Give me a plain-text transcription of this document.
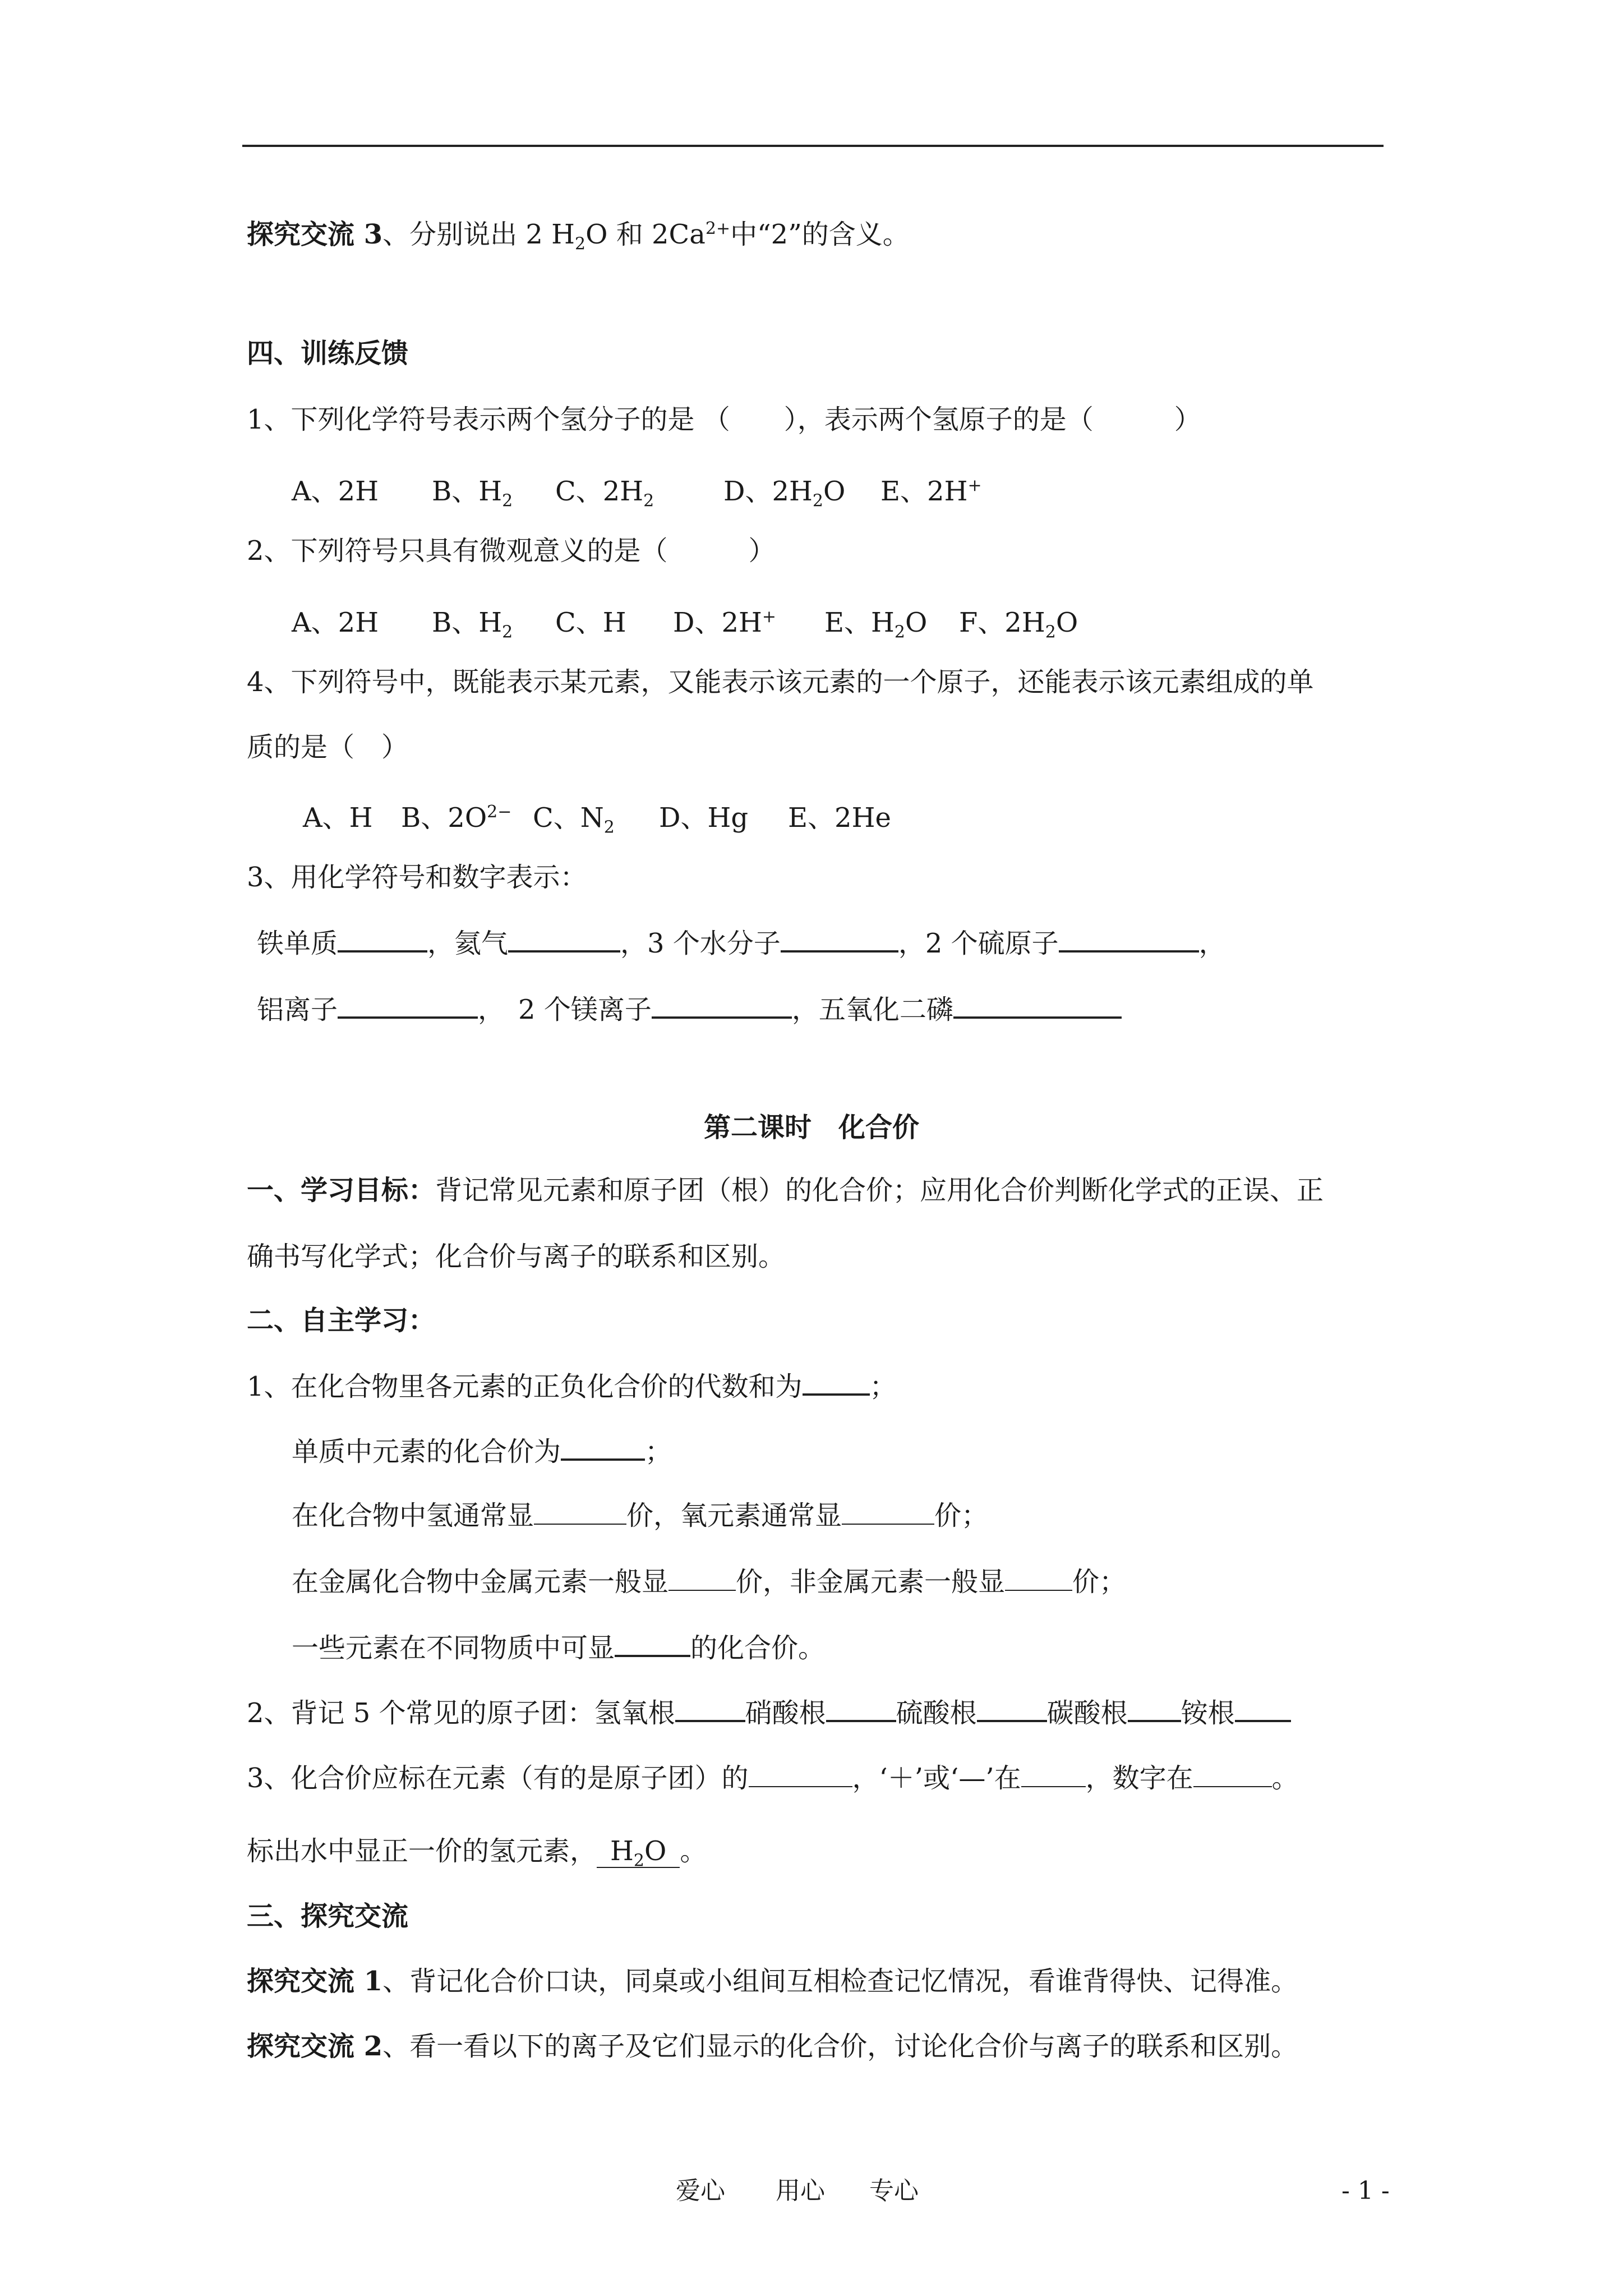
探究交流 3、分别说出 2 $H_2O$ 和 $2Ca^{2+}$中“2”的含义。
四、训练反馈
1、下列化学符号表示两个氢分子的是 （　　），表示两个氢原子的是（　　　）
A、2H B、$H_2$ C、$2H_2$	D、$2H_2O$ E、2H+
2、下列符号只具有微观意义的是（　　　）
A、2H B、$H_2$ C、H D、2H+ E、$H_2O$ F、$2H_2O$
4、下列符号中，既能表示某元素，又能表示该元素的一个原子，还能表示该元素组成的单
质的是（　）
A、H B、$2O^{2-}$ C、$N_2$ D、Hg E、2He
3、用化学符号和数字表示：
铁单质	，氦气	，3 个水分子	，2 个硫原子	，
铝离子	，　2 个镁离子	，五氧化二磷
第二课时　化合价
一、学习目标：背记常见元素和原子团（根）的化合价；应用化合价判断化学式的正误、正
确书写化学式；化合价与离子的联系和区别。
二、自主学习：
1、在化合物里各元素的正负化合价的代数和为	；
单质中元素的化合价为	；
在化合物中氢通常显	价，氧元素通常显	价；
在金属化合物中金属元素一般显	价，非金属元素一般显	价；
一些元素在不同物质中可显	的化合价。
2、背记 5 个常见的原子团：氢氧根	硝酸根	硫酸根	碳酸根 铵根
3、化合价应标在元素（有的是原子团）的	，‘＋’或‘—’在 ，数字在	。
标出水中显正一价的氢元素， $H_2O$ 。
三、探究交流
探究交流 1、背记化合价口诀，同桌或小组间互相检查记忆情况，看谁背得快、记得准。
探究交流 2、看一看以下的离子及它们显示的化合价，讨论化合价与离子的联系和区别。
爱心 用心 专心	- 1 -
